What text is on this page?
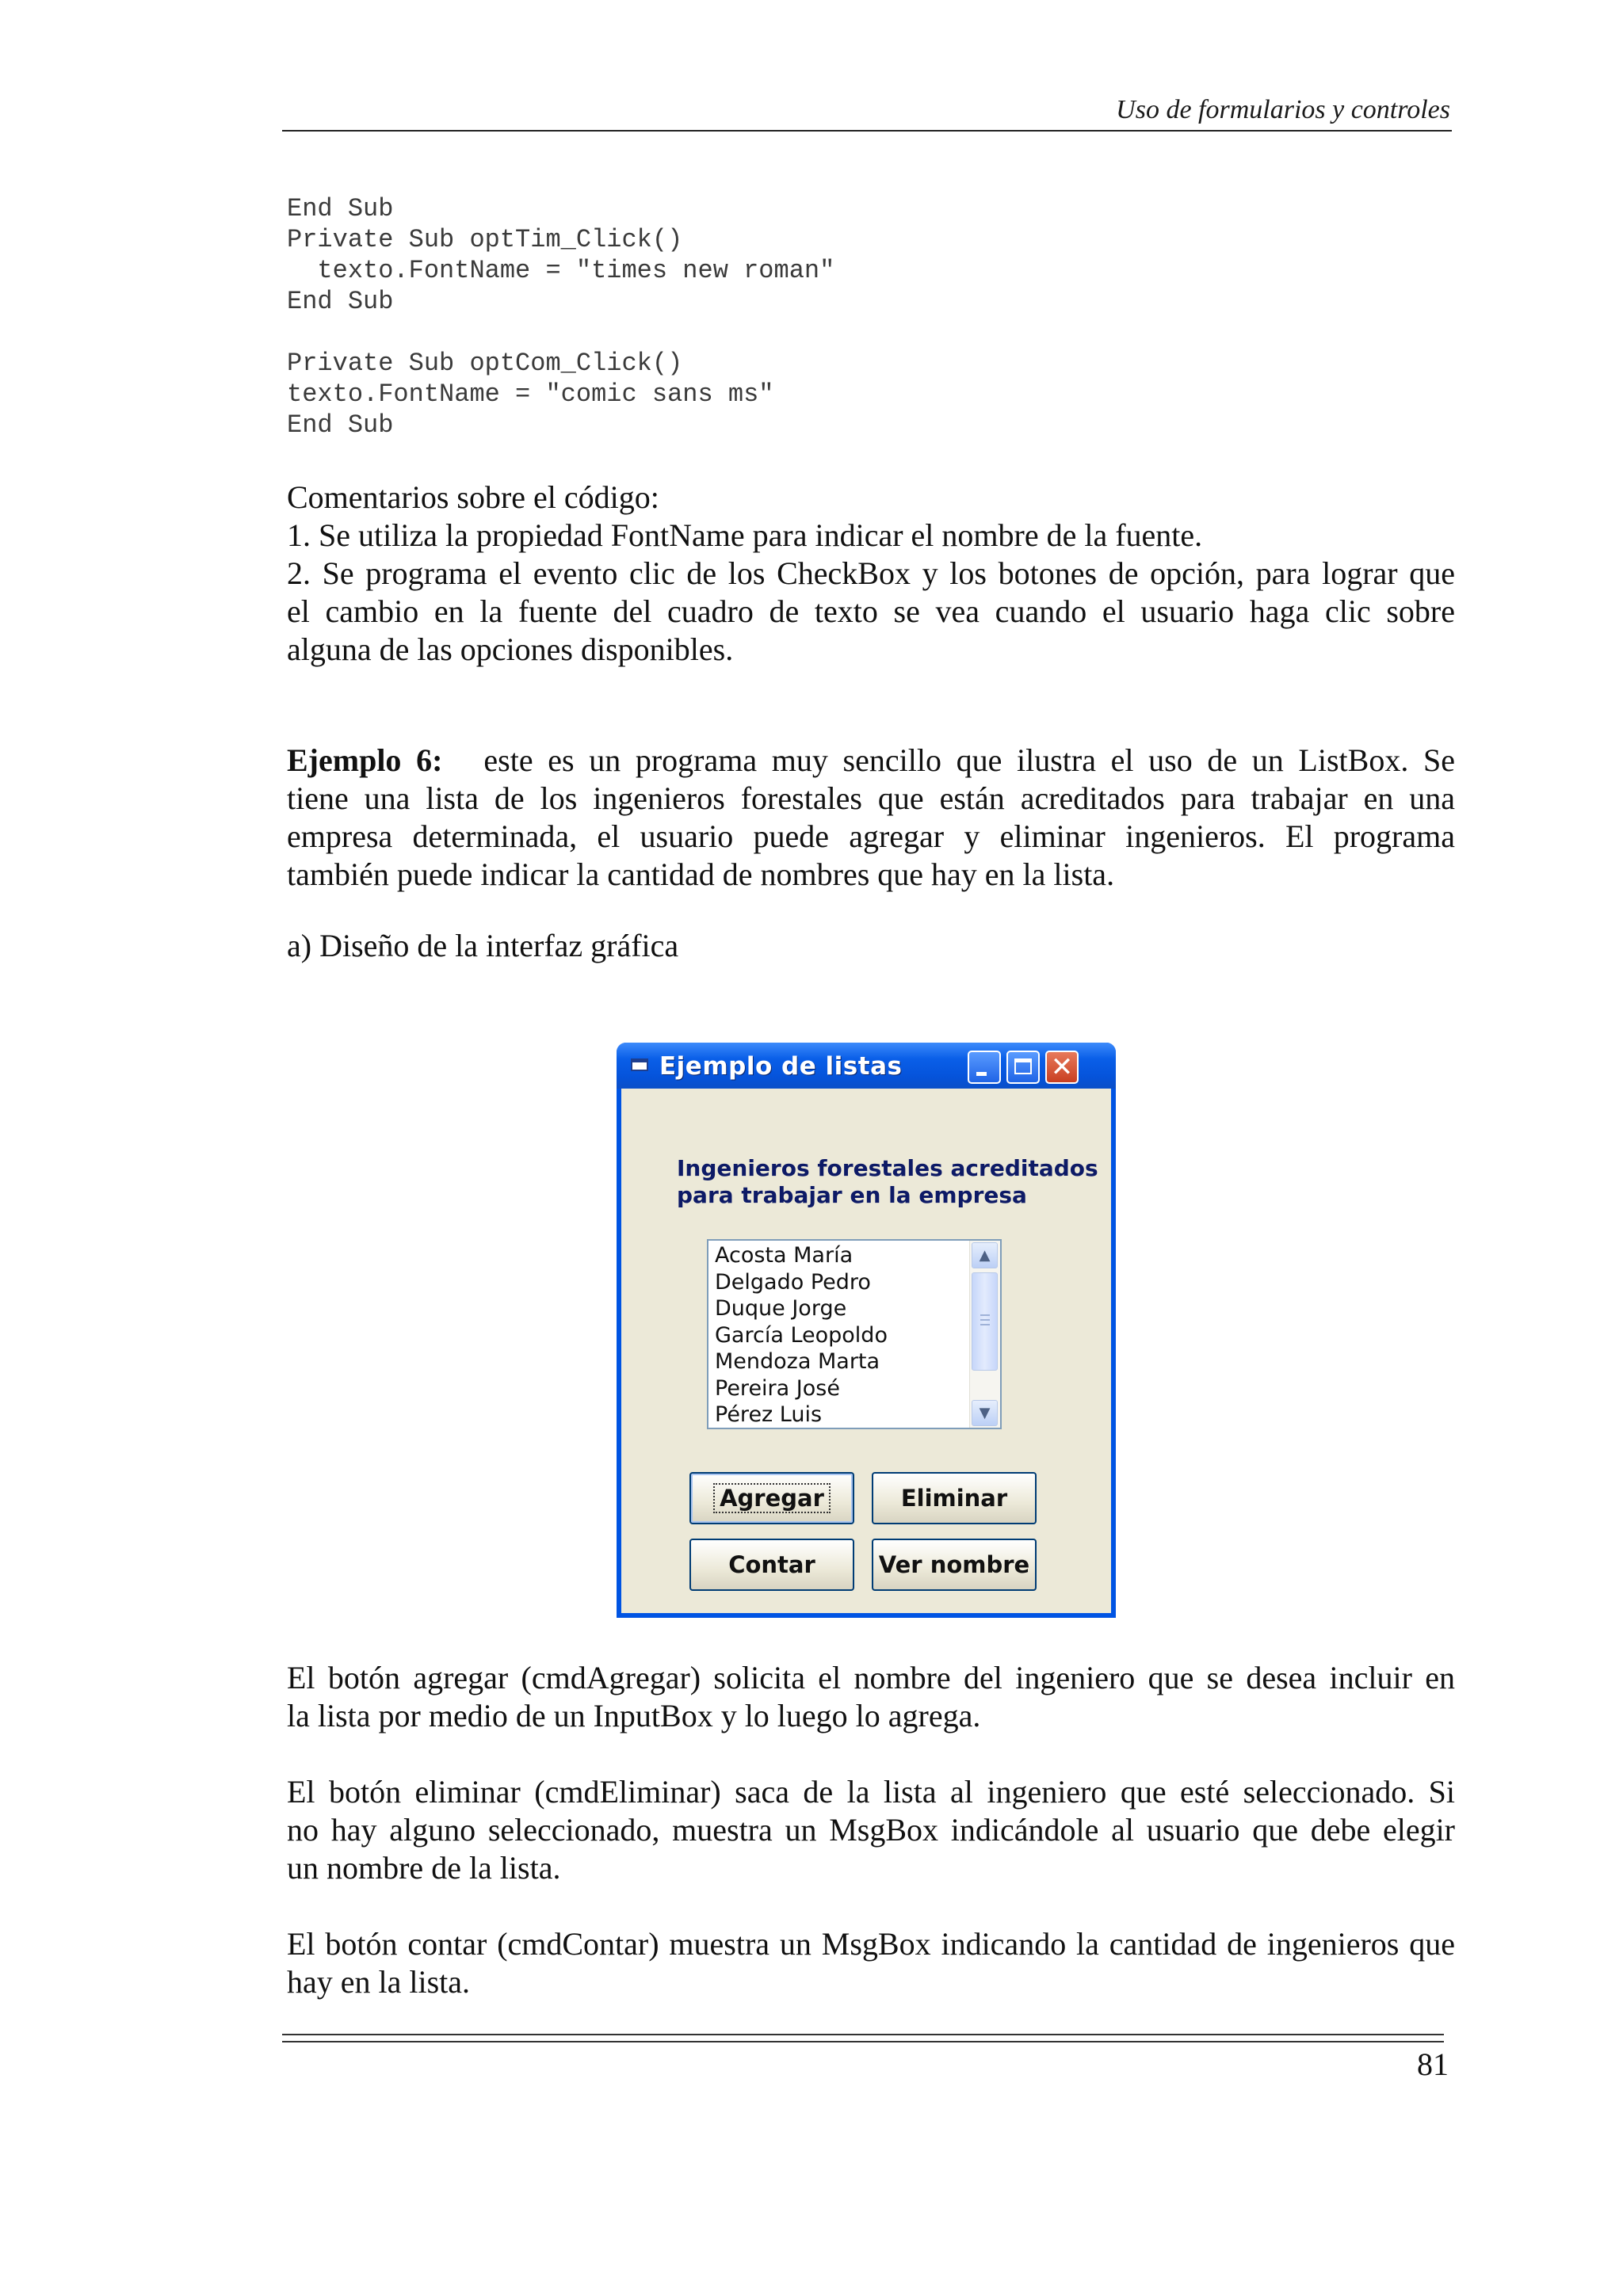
Uso de formularios y controles
End Sub
Private Sub optTim_Click()
texto.FontName = "times new roman"
End Sub

Private Sub optCom_Click()
texto.FontName = "comic sans ms"
End Sub
Comentarios sobre el código:
1. Se utiliza la propiedad FontName para indicar el nombre de la fuente.
2. Se programa el evento clic de los CheckBox y los botones de opción, para lograr que
el cambio en la fuente del cuadro de texto se vea cuando el usuario haga clic sobre
alguna de las opciones disponibles.
Ejemplo 6: este es un programa muy sencillo que ilustra el uso de un ListBox. Se
tiene una lista de los ingenieros forestales que están acreditados para trabajar en una
empresa determinada, el usuario puede agregar y eliminar ingenieros. El programa
también puede indicar la cantidad de nombres que hay en la lista.
a) Diseño de la interfaz gráfica
Ejemplo de listas	✕
Ingenieros forestales acreditados
para trabajar en la empresa
Acosta María
Delgado Pedro
Duque Jorge
García Leopoldo
Mendoza Marta
Pereira José
Pérez Luis
▲
▼
Agregar	Eliminar
Contar	Ver nombre
El botón agregar (cmdAgregar) solicita el nombre del ingeniero que se desea incluir en
la lista por medio de un InputBox y lo luego lo agrega.
El botón eliminar (cmdEliminar) saca de la lista al ingeniero que esté seleccionado. Si
no hay alguno seleccionado, muestra un MsgBox indicándole al usuario que debe elegir
un nombre de la lista.
El botón contar (cmdContar) muestra un MsgBox indicando la cantidad de ingenieros que
hay en la lista.
81
